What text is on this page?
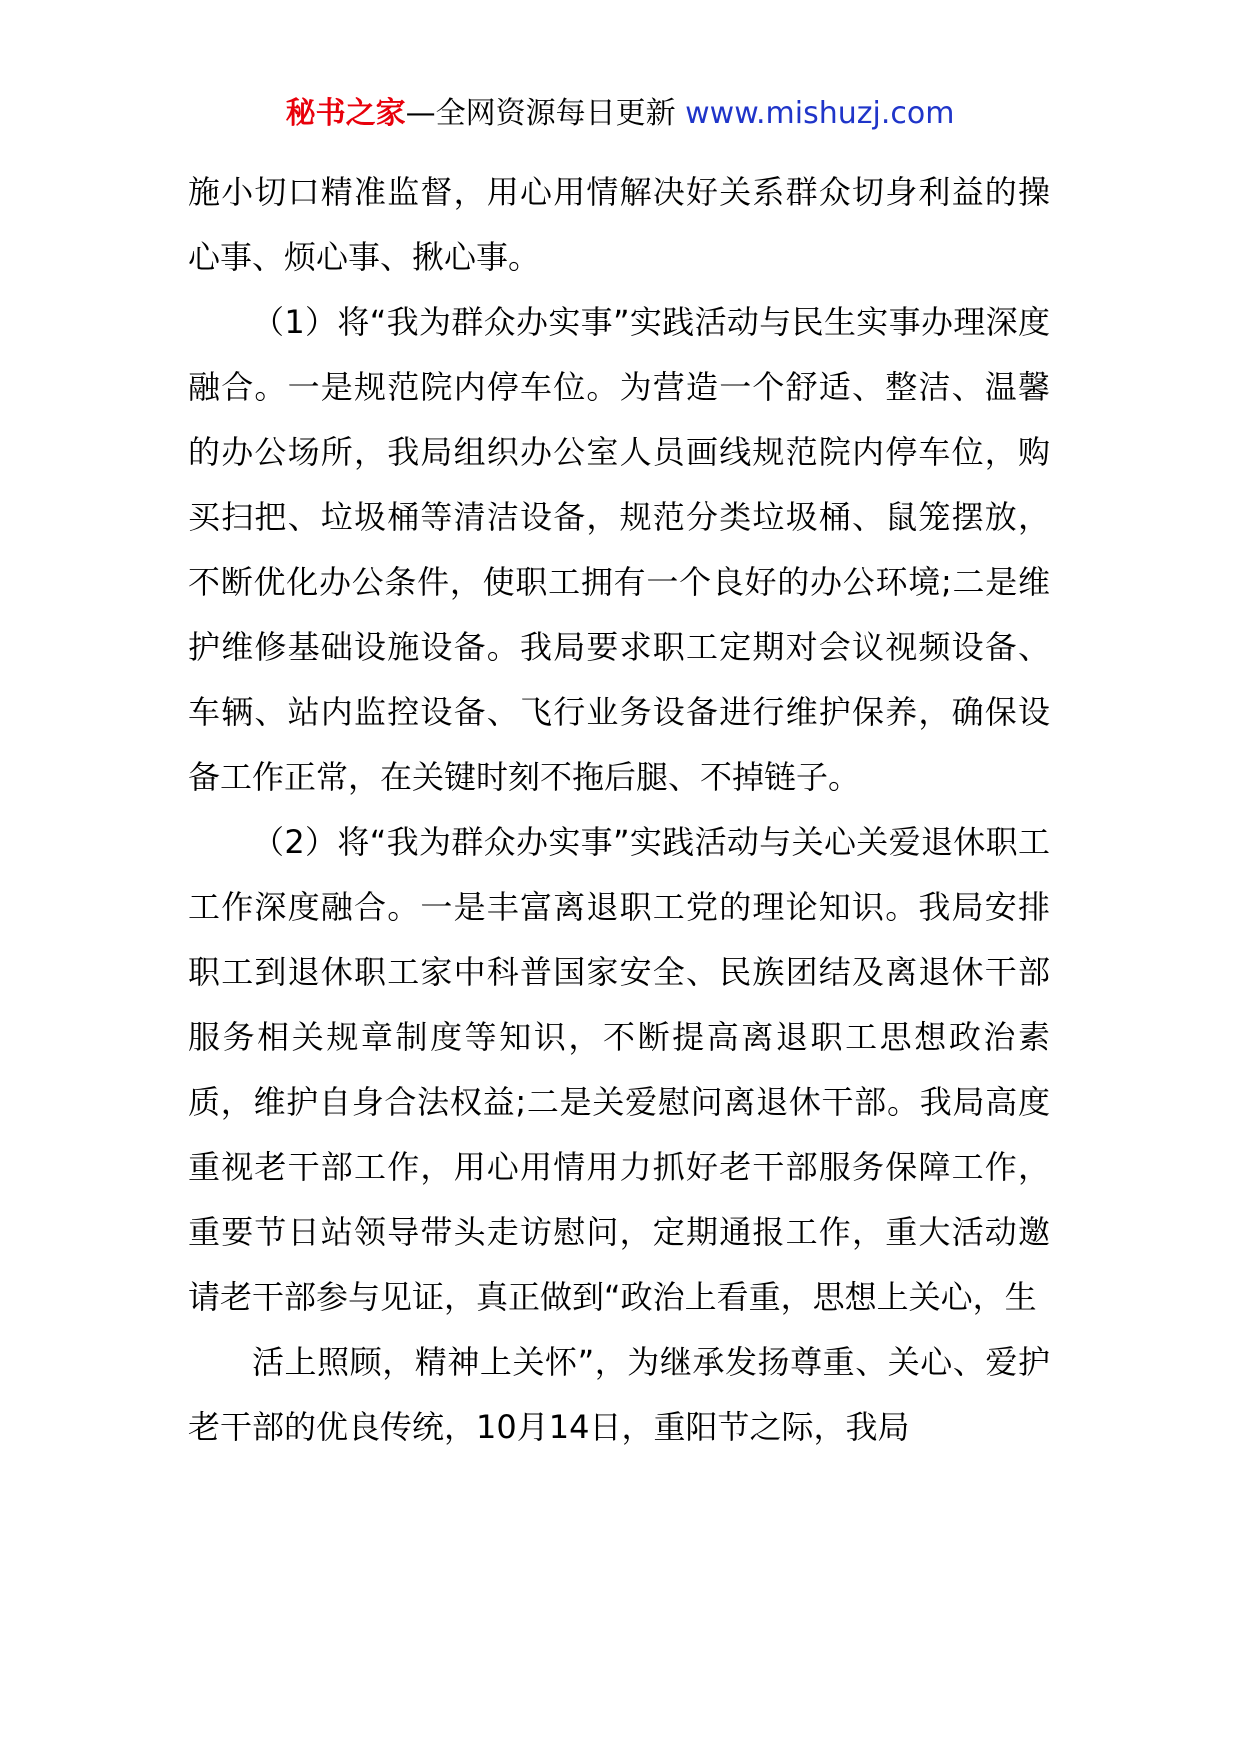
秘书之家—全网资源每日更新 www.mishuzj.com

施小切口精准监督，用心用情解决好关系群众切身利益的操心事、烦心事、揪心事。

（1）将“我为群众办实事”实践活动与民生实事办理深度融合。一是规范院内停车位。为营造一个舒适、整洁、温馨的办公场所，我局组织办公室人员画线规范院内停车位，购买扫把、垃圾桶等清洁设备，规范分类垃圾桶、鼠笼摆放，不断优化办公条件，使职工拥有一个良好的办公环境;二是维护维修基础设施设备。我局要求职工定期对会议视频设备、车辆、站内监控设备、飞行业务设备进行维护保养，确保设备工作正常，在关键时刻不拖后腿、不掉链子。

（2）将“我为群众办实事”实践活动与关心关爱退休职工工作深度融合。一是丰富离退职工党的理论知识。我局安排职工到退休职工家中科普国家安全、民族团结及离退休干部服务相关规章制度等知识，不断提高离退职工思想政治素质，维护自身合法权益;二是关爱慰问离退休干部。我局高度重视老干部工作，用心用情用力抓好老干部服务保障工作，重要节日站领导带头走访慰问，定期通报工作，重大活动邀请老干部参与见证，真正做到“政治上看重，思想上关心，生

活上照顾，精神上关怀”，为继承发扬尊重、关心、爱护老干部的优良传统，10月14日，重阳节之际，我局
